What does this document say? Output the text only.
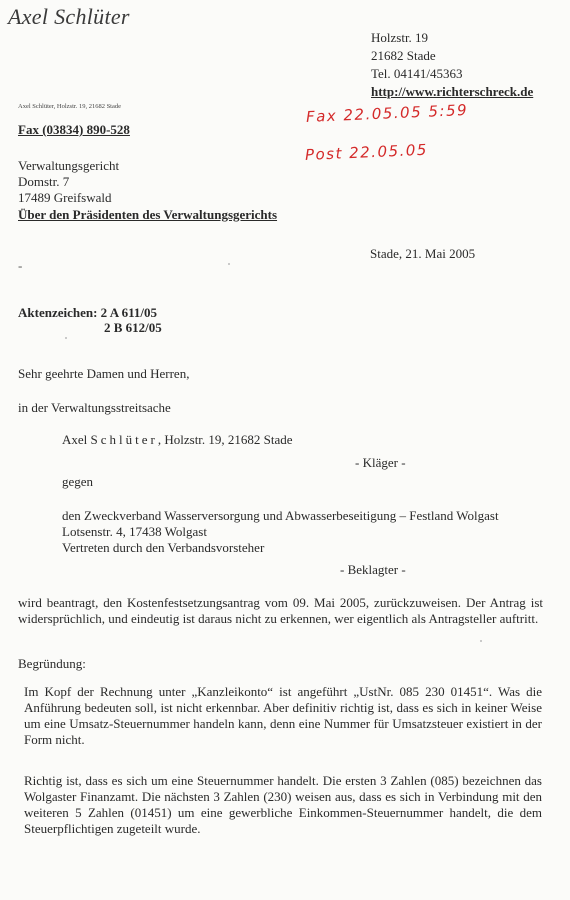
Axel Schlüter
Holzstr. 19
21682 Stade
Tel. 04141/45363
http://www.richterschreck.de
Axel Schlüter, Holzstr. 19, 21682 Stade
Fax (03834) 890-528
Fax 22.05.05 5:59
Post 22.05.05
Verwaltungsgericht
Domstr. 7
17489 Greifswald
Über den Präsidenten des Verwaltungsgerichts
Stade, 21. Mai 2005
-
Aktenzeichen: 2 A 611/05
2 B 612/05
Sehr geehrte Damen und Herren,
in der Verwaltungsstreitsache
Axel Schlüter, Holzstr. 19, 21682 Stade
- Kläger -
gegen
den Zweckverband Wasserversorgung und Abwasserbeseitigung – Festland Wolgast
Lotsenstr. 4, 17438 Wolgast
Vertreten durch den Verbandsvorsteher
- Beklagter -
wird beantragt, den Kostenfestsetzungsantrag vom 09. Mai 2005, zurückzuweisen. Der Antrag ist widersprüchlich, und eindeutig ist daraus nicht zu erkennen, wer eigentlich als Antragsteller auftritt.
Begründung:
Im Kopf der Rechnung unter „Kanzleikonto“ ist angeführt „UstNr. 085 230 01451“. Was die Anführung bedeuten soll, ist nicht erkennbar. Aber definitiv richtig ist, dass es sich in keiner Weise um eine Umsatz-Steuernummer handeln kann, denn eine Nummer für Umsatzsteuer existiert in der Form nicht.
Richtig ist, dass es sich um eine Steuernummer handelt. Die ersten 3 Zahlen (085) bezeichnen das Wolgaster Finanzamt. Die nächsten 3 Zahlen (230) weisen aus, dass es sich in Verbindung mit den weiteren 5 Zahlen (01451) um eine gewerbliche Einkommen-Steuernummer handelt, die dem Steuerpflichtigen zugeteilt wurde.
